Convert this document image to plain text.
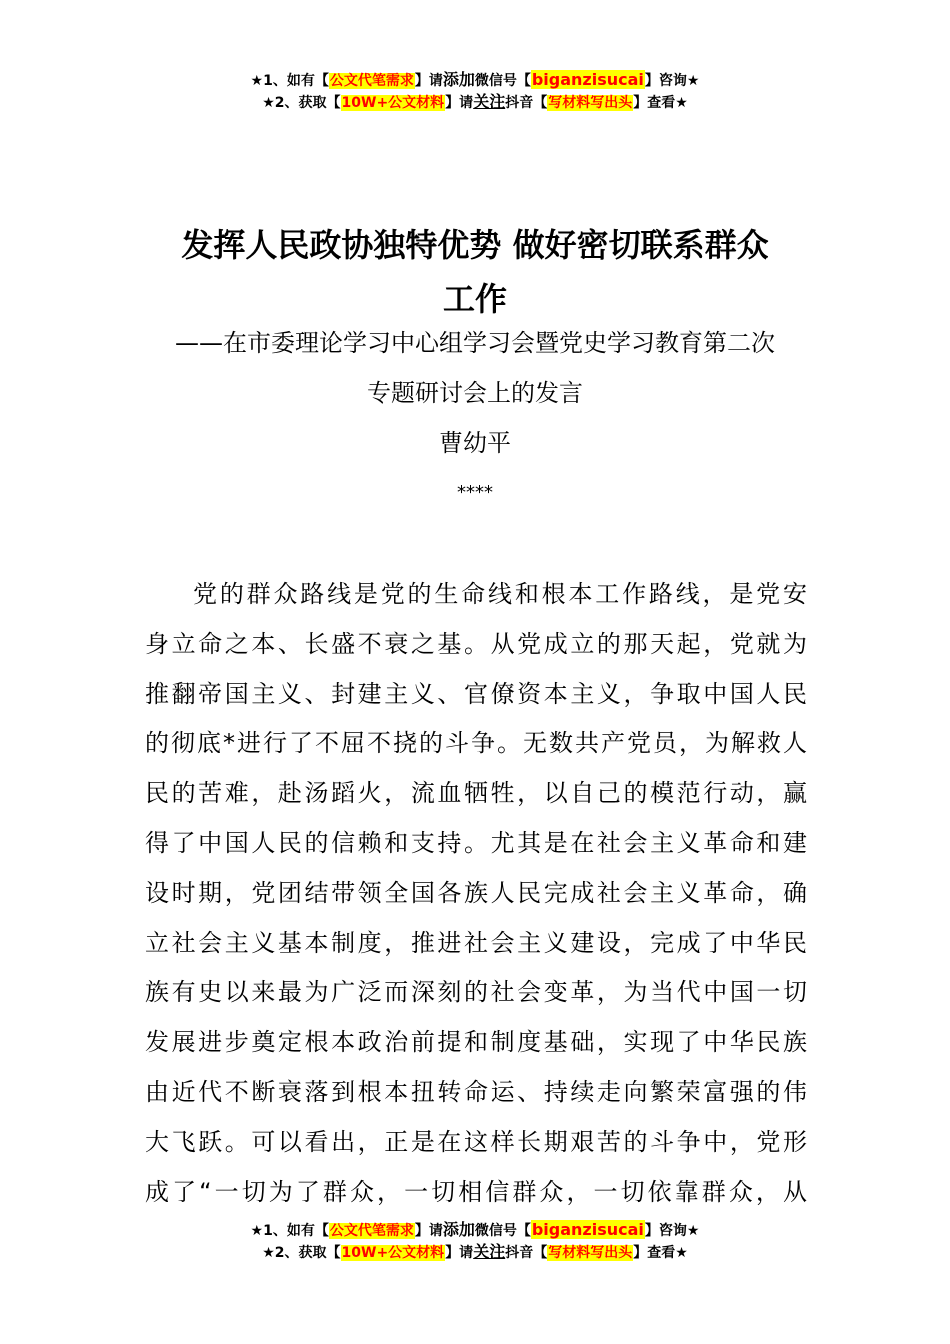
★1、如有【公文代笔需求】请添加微信号【biganzisucai】咨询★
★2、获取【10W+公文材料】请关注抖音【写材料写出头】查看★
发挥人民政协独特优势 做好密切联系群众
工作
——在市委理论学习中心组学习会暨党史学习教育第二次
专题研讨会上的发言
曹幼平
****
党的群众路线是党的生命线和根本工作路线，是党安
身立命之本、长盛不衰之基。从党成立的那天起，党就为
推翻帝国主义、封建主义、官僚资本主义，争取中国人民
的彻底*进行了不屈不挠的斗争。无数共产党员，为解救人
民的苦难，赴汤蹈火，流血牺牲，以自己的模范行动，赢
得了中国人民的信赖和支持。尤其是在社会主义革命和建
设时期，党团结带领全国各族人民完成社会主义革命，确
立社会主义基本制度，推进社会主义建设，完成了中华民
族有史以来最为广泛而深刻的社会变革，为当代中国一切
发展进步奠定根本政治前提和制度基础，实现了中华民族
由近代不断衰落到根本扭转命运、持续走向繁荣富强的伟
大飞跃。可以看出，正是在这样长期艰苦的斗争中，党形
成了“一切为了群众，一切相信群众，一切依靠群众，从
★1、如有【公文代笔需求】请添加微信号【biganzisucai】咨询★
★2、获取【10W+公文材料】请关注抖音【写材料写出头】查看★
